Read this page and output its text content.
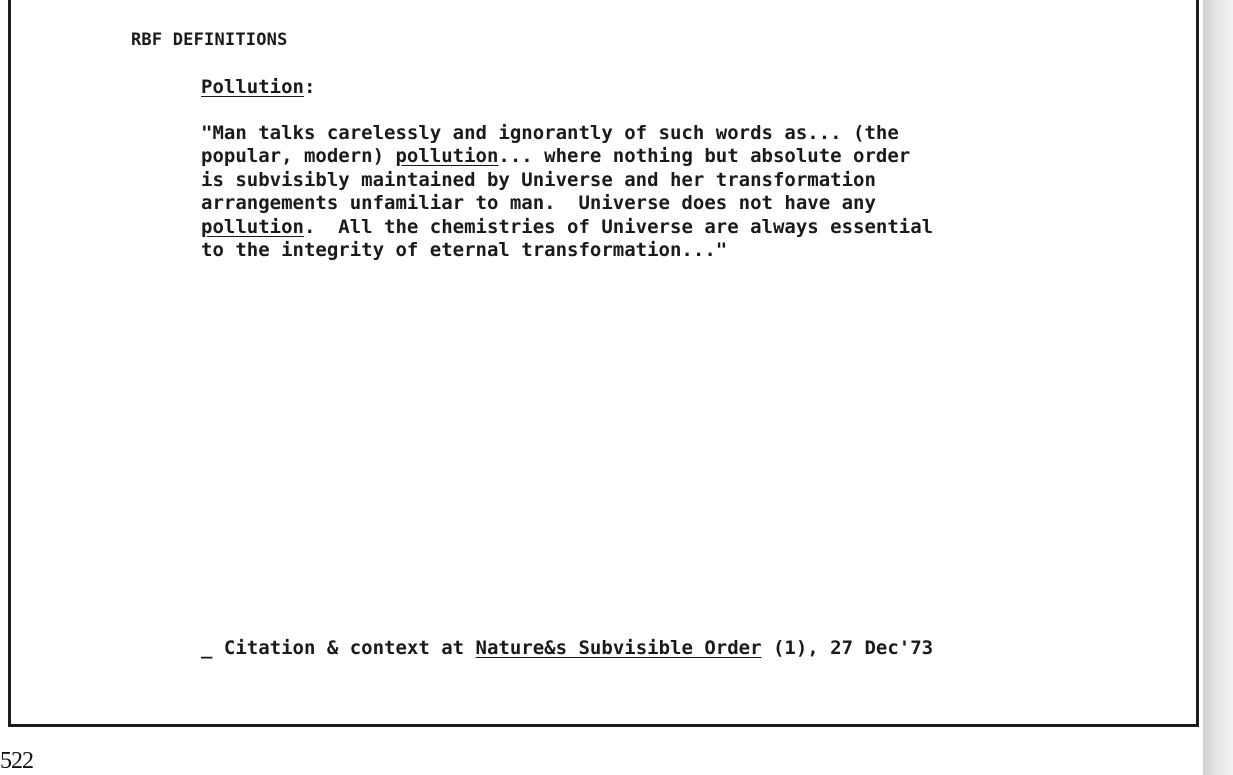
RBF DEFINITIONS

Pollution:

"Man talks carelessly and ignorantly of such words as... (the
popular, modern) pollution... where nothing but absolute order
is subvisibly maintained by Universe and her transformation
arrangements unfamiliar to man.  Universe does not have any
pollution.  All the chemistries of Universe are always essential
to the integrity of eternal transformation..."

_ Citation & context at Nature&s Subvisible Order (1), 27 Dec'73

522
